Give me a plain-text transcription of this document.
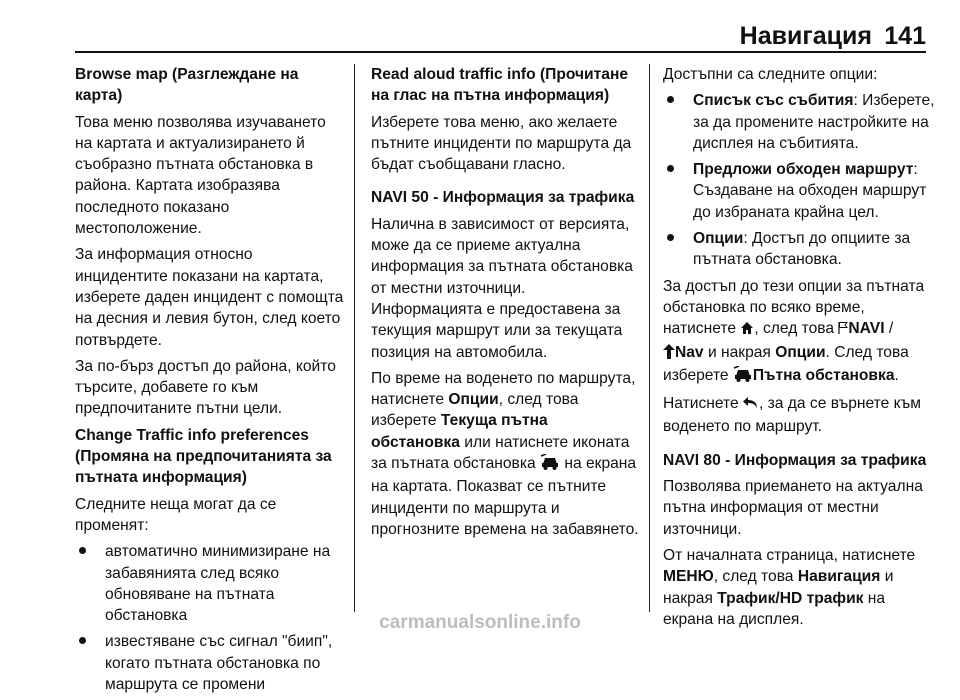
Навигация 141
Browse map (Разглеждане на карта)

Това меню позволява изучаването на картата и актуализирането й съобразно пътната обстановка в района. Картата изобразява последното показано местоположение.

За информация относно инцидентите показани на картата, изберете даден инцидент с помощта на десния и левия бутон, след което потвърдете.

За по-бърз достъп до района, който търсите, добавете го към предпочитаните пътни цели.

Change Traffic info preferences (Промяна на предпочитанията за пътната информация)

Следните неща могат да се променят:

автоматично минимизиране на забавянията след всяко обновяване на пътната обстановка
известяване със сигнал "биип", когато пътната обстановка по маршрута се промени
Read aloud traffic info (Прочитане на глас на пътна информация)

Изберете това меню, ако желаете пътните инциденти по маршрута да бъдат съобщавани гласно.

NAVI 50 - Информация за трафика

Налична в зависимост от версията, може да се приеме актуална информация за пътната обстановка от местни източници. Информацията е предоставена за текущия маршрут или за текущата позиция на автомобила.

По време на воденето по маршрута, натиснете Опции, след това изберете Текуща пътна обстановка или натиснете иконата за пътната обстановка  на екрана на картата. Показват се пътните инциденти по маршрута и прогнозните времена на забавянето.

Достъпни са следните опции:

Списък със събития: Изберете, за да промените настройките на дисплея на събитията.
Предложи обходен маршрут: Създаване на обходен маршрут до избраната крайна цел.
Опции: Достъп до опциите за пътната обстановка.

За достъп до тези опции за пътната обстановка по всяко време, натиснете , след това NAVI /
Nav и накрая Опции. След това изберете Пътна обстановка.

Натиснете , за да се върнете към воденето по маршрут.

NAVI 80 - Информация за трафика

Позволява приемането на актуална пътна информация от местни източници.

От началната страница, натиснете МЕНЮ, след това Навигация и накрая Трафик/HD трафик на екрана на дисплея.

carmanualsonline.info
